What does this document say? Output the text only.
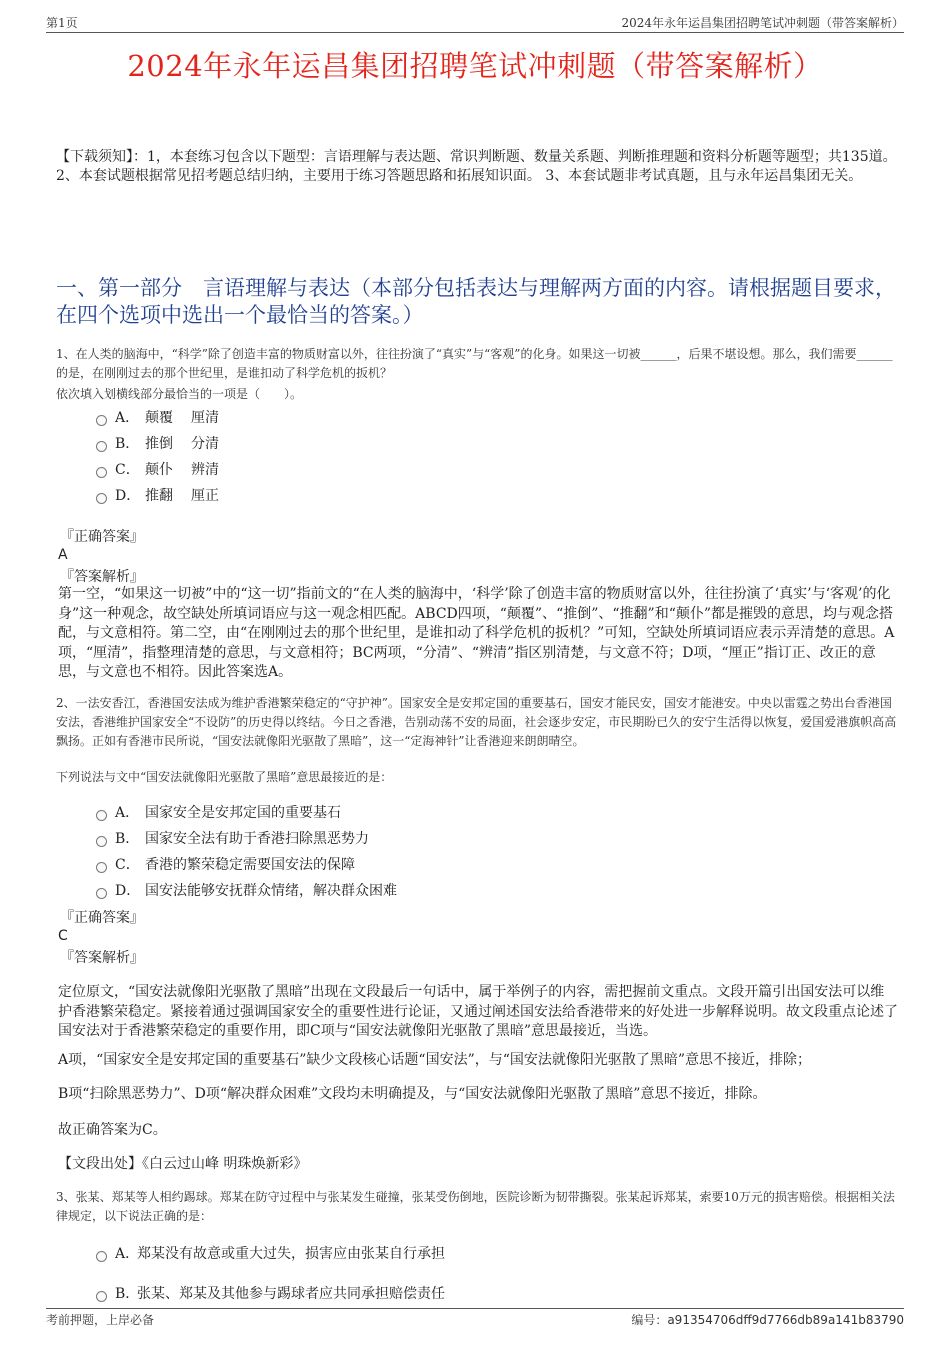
第1页	2024年永年运昌集团招聘笔试冲刺题（带答案解析）
2024年永年运昌集团招聘笔试冲刺题（带答案解析）
【下载须知】：1，本套练习包含以下题型：言语理解与表达题、常识判断题、数量关系题、判断推理题和资料分析题等题型；共135道。 2、本套试题根据常见招考题总结归纳，主要用于练习答题思路和拓展知识面。 3、本套试题非考试真题，且与永年运昌集团无关。
一、第一部分　言语理解与表达（本部分包括表达与理解两方面的内容。请根据题目要求，在四个选项中选出一个最恰当的答案。）
1、在人类的脑海中，“科学”除了创造丰富的物质财富以外，往往扮演了“真实”与“客观”的化身。如果这一切被______，后果不堪设想。那么，我们需要______的是，在刚刚过去的那个世纪里，是谁扣动了科学危机的扳机？
依次填入划横线部分最恰当的一项是（　　）。
A． 颠覆 厘清
B． 推倒 分清
C． 颠仆 辨清
D． 推翻 厘正
『正确答案』
A
『答案解析』
第一空，“如果这一切被”中的“这一切”指前文的“在人类的脑海中，‘科学’除了创造丰富的物质财富以外，往往扮演了‘真实’与‘客观’的化身”这一种观念，故空缺处所填词语应与这一观念相匹配。ABCD四项，“颠覆”、“推倒”、“推翻”和“颠仆”都是摧毁的意思，均与观念搭配，与文意相符。第二空，由“在刚刚过去的那个世纪里，是谁扣动了科学危机的扳机？”可知，空缺处所填词语应表示弄清楚的意思。A项，“厘清”，指整理清楚的意思，与文意相符；BC两项，“分清”、“辨清”指区别清楚，与文意不符；D项，“厘正”指订正、改正的意思，与文意也不相符。因此答案选A。
2、一法安香江，香港国安法成为维护香港繁荣稳定的“守护神”。国家安全是安邦定国的重要基石，国安才能民安，国安才能港安。中央以雷霆之势出台香港国安法，香港维护国家安全“不设防”的历史得以终结。今日之香港，告别动荡不安的局面，社会逐步安定，市民期盼已久的安宁生活得以恢复，爱国爱港旗帜高高飘扬。正如有香港市民所说，“国安法就像阳光驱散了黑暗”，这一“定海神针”让香港迎来朗朗晴空。
下列说法与文中“国安法就像阳光驱散了黑暗”意思最接近的是：
A． 国家安全是安邦定国的重要基石
B． 国家安全法有助于香港扫除黑恶势力
C． 香港的繁荣稳定需要国安法的保障
D． 国安法能够安抚群众情绪，解决群众困难
『正确答案』
C
『答案解析』
定位原文，“国安法就像阳光驱散了黑暗”出现在文段最后一句话中，属于举例子的内容，需把握前文重点。文段开篇引出国安法可以维护香港繁荣稳定。紧接着通过强调国家安全的重要性进行论证，又通过阐述国安法给香港带来的好处进一步解释说明。故文段重点论述了国安法对于香港繁荣稳定的重要作用，即C项与“国安法就像阳光驱散了黑暗”意思最接近，当选。
A项，“国家安全是安邦定国的重要基石”缺少文段核心话题“国安法”，与“国安法就像阳光驱散了黑暗”意思不接近，排除；
B项“扫除黑恶势力”、D项“解决群众困难”文段均未明确提及，与“国安法就像阳光驱散了黑暗”意思不接近，排除。
故正确答案为C。
【文段出处】《白云过山峰 明珠焕新彩》
3、张某、郑某等人相约踢球。郑某在防守过程中与张某发生碰撞，张某受伤倒地，医院诊断为韧带撕裂。张某起诉郑某，索要10万元的损害赔偿。根据相关法律规定，以下说法正确的是：
A．郑某没有故意或重大过失，损害应由张某自行承担
B．张某、郑某及其他参与踢球者应共同承担赔偿责任
考前押题，上岸必备	编号：a91354706dff9d7766db89a141b83790
